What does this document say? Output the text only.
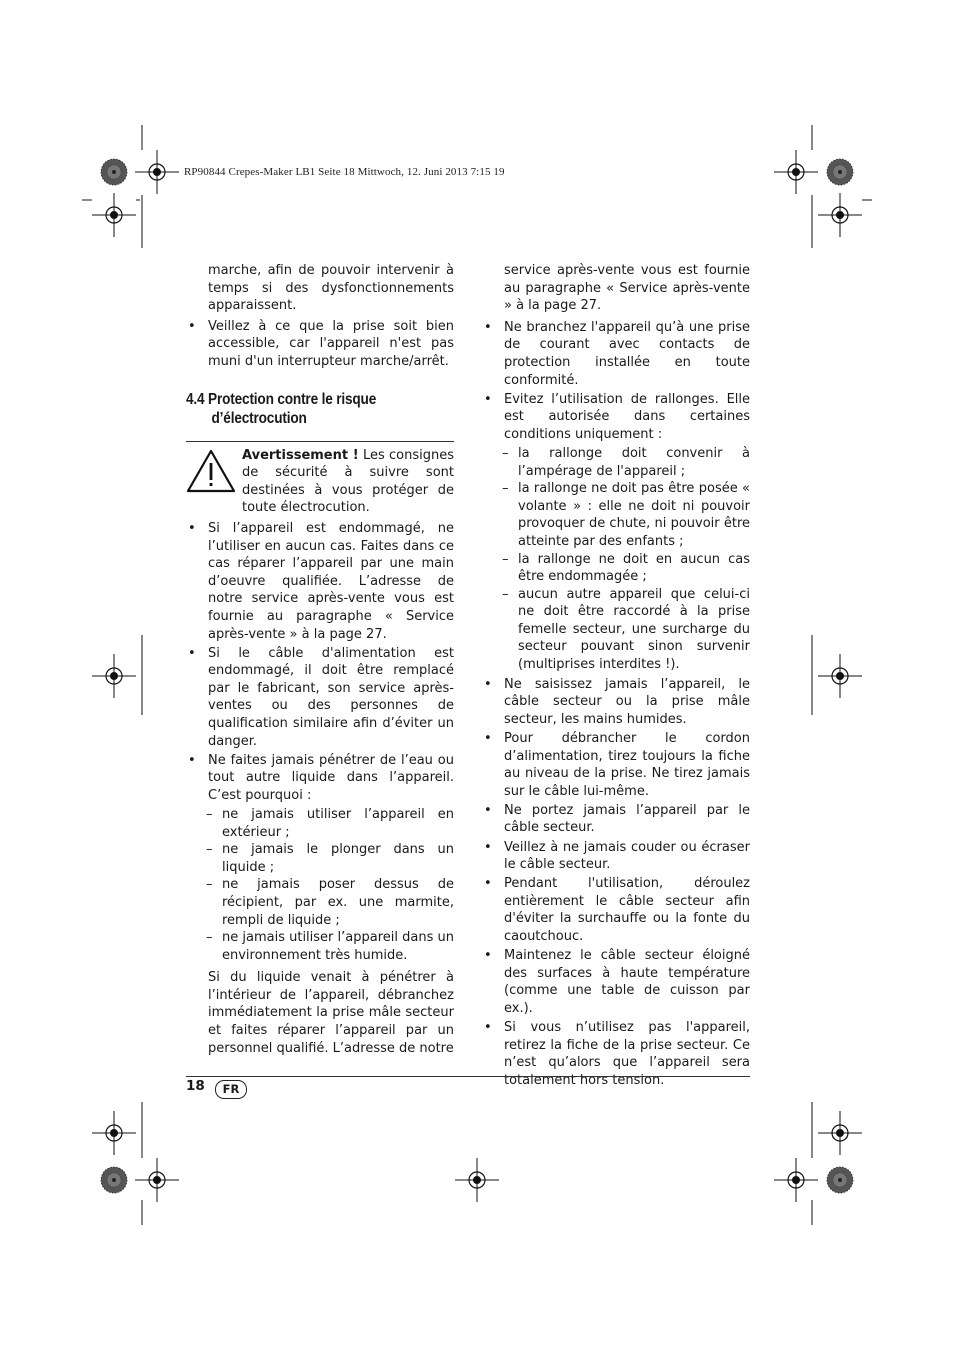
RP90844 Crepes-Maker LB1 Seite 18 Mittwoch, 12. Juni 2013 7:15 19

marche, afin de pouvoir intervenir à temps si des dysfonctionnements apparaissent.

• Veillez à ce que la prise soit bien accessible, car l'appareil n'est pas muni d'un interrupteur marche/arrêt.

4.4 Protection contre le risque
d’électrocution

Avertissement ! Les consignes de sécurité à suivre sont destinées à vous protéger de toute électrocution.

• Si l’appareil est endommagé, ne l’utiliser en aucun cas. Faites dans ce cas réparer l’appareil par une main d’oeuvre qualifiée. L’adresse de notre service après-vente vous est fournie au paragraphe « Service après-vente » à la page 27.

• Si le câble d'alimentation est endommagé, il doit être remplacé par le fabricant, son service après-ventes ou des personnes de qualification similaire afin d’éviter un danger.

• Ne faites jamais pénétrer de l’eau ou tout autre liquide dans l’appareil. C’est pourquoi :

– ne jamais utiliser l’appareil en extérieur ;

– ne jamais le plonger dans un liquide ;

– ne jamais poser dessus de récipient, par ex. une marmite, rempli de liquide ;

– ne jamais utiliser l’appareil dans un environnement très humide.

Si du liquide venait à pénétrer à l’intérieur de l’appareil, débranchez immédiatement la prise mâle secteur et faites réparer l’appareil par un personnel qualifié. L’adresse de notre

service après-vente vous est fournie au paragraphe « Service après-vente » à la page 27.

• Ne branchez l'appareil qu’à une prise de courant avec contacts de protection installée en toute conformité.

• Evitez l’utilisation de rallonges. Elle est autorisée dans certaines conditions uniquement :

– la rallonge doit convenir à l’ampérage de l'appareil ;

– la rallonge ne doit pas être posée « volante » : elle ne doit ni pouvoir provoquer de chute, ni pouvoir être atteinte par des enfants ;

– la rallonge ne doit en aucun cas être endommagée ;

– aucun autre appareil que celui-ci ne doit être raccordé à la prise femelle secteur, une surcharge du secteur pouvant sinon survenir (multiprises interdites !).

• Ne saisissez jamais l’appareil, le câble secteur ou la prise mâle secteur, les mains humides.

• Pour débrancher le cordon d’alimentation, tirez toujours la fiche au niveau de la prise. Ne tirez jamais sur le câble lui-même.

• Ne portez jamais l’appareil par le câble secteur.

• Veillez à ne jamais couder ou écraser le câble secteur.

• Pendant l'utilisation, déroulez entièrement le câble secteur afin d'éviter la surchauffe ou la fonte du caoutchouc.

• Maintenez le câble secteur éloigné des surfaces à haute température (comme une table de cuisson par ex.).

• Si vous n’utilisez pas l'appareil, retirez la fiche de la prise secteur. Ce n’est qu’alors que l’appareil sera totalement hors tension.

18	FR
